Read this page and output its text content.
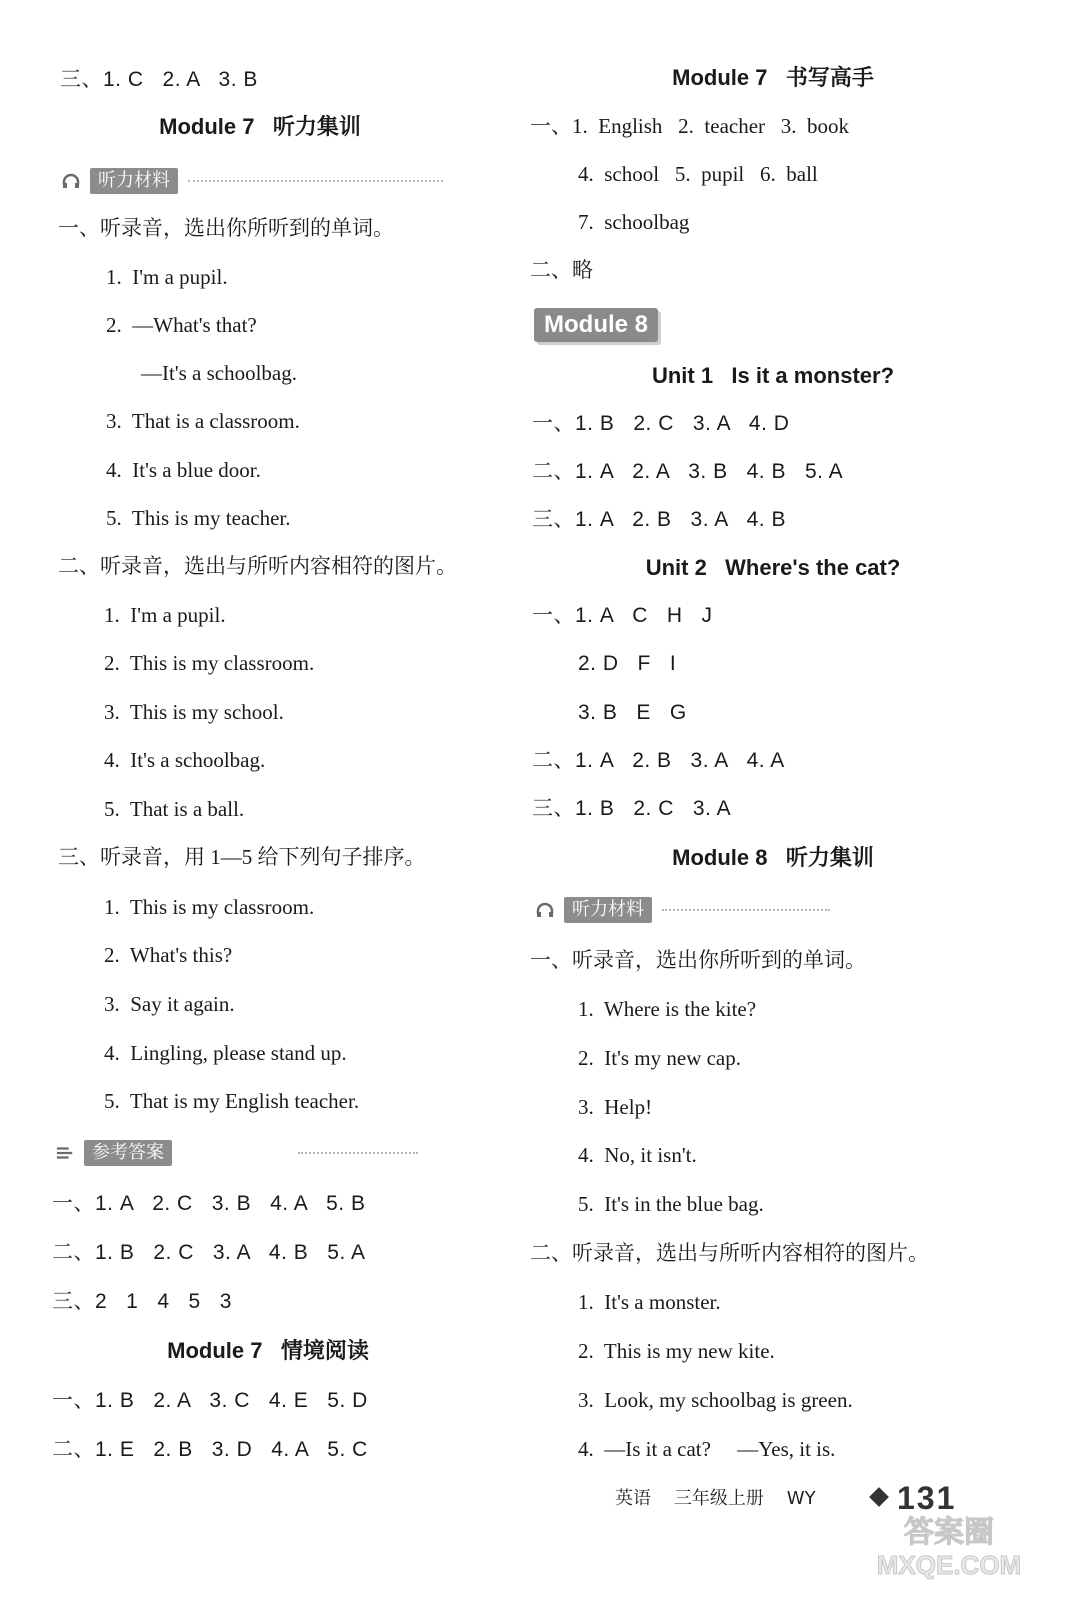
三、1. C   2. A   3. B
Module 7   听力集训
听力材料
一、听录音，选出你所听到的单词。
1.  I'm a pupil.
2.  —What's that?
—It's a schoolbag.
3.  That is a classroom.
4.  It's a blue door.
5.  This is my teacher.
二、听录音，选出与所听内容相符的图片。
1.  I'm a pupil.
2.  This is my classroom.
3.  This is my school.
4.  It's a schoolbag.
5.  That is a ball.
三、听录音，用 1—5 给下列句子排序。
1.  This is my classroom.
2.  What's this?
3.  Say it again.
4.  Lingling, please stand up.
5.  That is my English teacher.
参考答案
一、1. A   2. C   3. B   4. A   5. B
二、1. B   2. C   3. A   4. B   5. A
三、2   1   4   5   3
Module 7   情境阅读
一、1. B   2. A   3. C   4. E   5. D
二、1. E   2. B   3. D   4. A   5. C
Module 7   书写高手
一、1.  English   2.  teacher   3.  book
4.  school   5.  pupil   6.  ball
7.  schoolbag
二、略
Module 8
Unit 1   Is it a monster?
一、1. B   2. C   3. A   4. D
二、1. A   2. A   3. B   4. B   5. A
三、1. A   2. B   3. A   4. B
Unit 2   Where's the cat?
一、1. A   C   H   J
2. D   F   I
3. B   E   G
二、1. A   2. B   3. A   4. A
三、1. B   2. C   3. A
Module 8   听力集训
听力材料
一、听录音，选出你所听到的单词。
1.  Where is the kite?
2.  It's my new cap.
3.  Help!
4.  No, it isn't.
5.  It's in the blue bag.
二、听录音，选出与所听内容相符的图片。
1.  It's a monster.
2.  This is my new kite.
3.  Look, my schoolbag is green.
4.  —Is it a cat?     —Yes, it is.
英语    三年级上册    WY	131
答案圈
MXQE.COM
